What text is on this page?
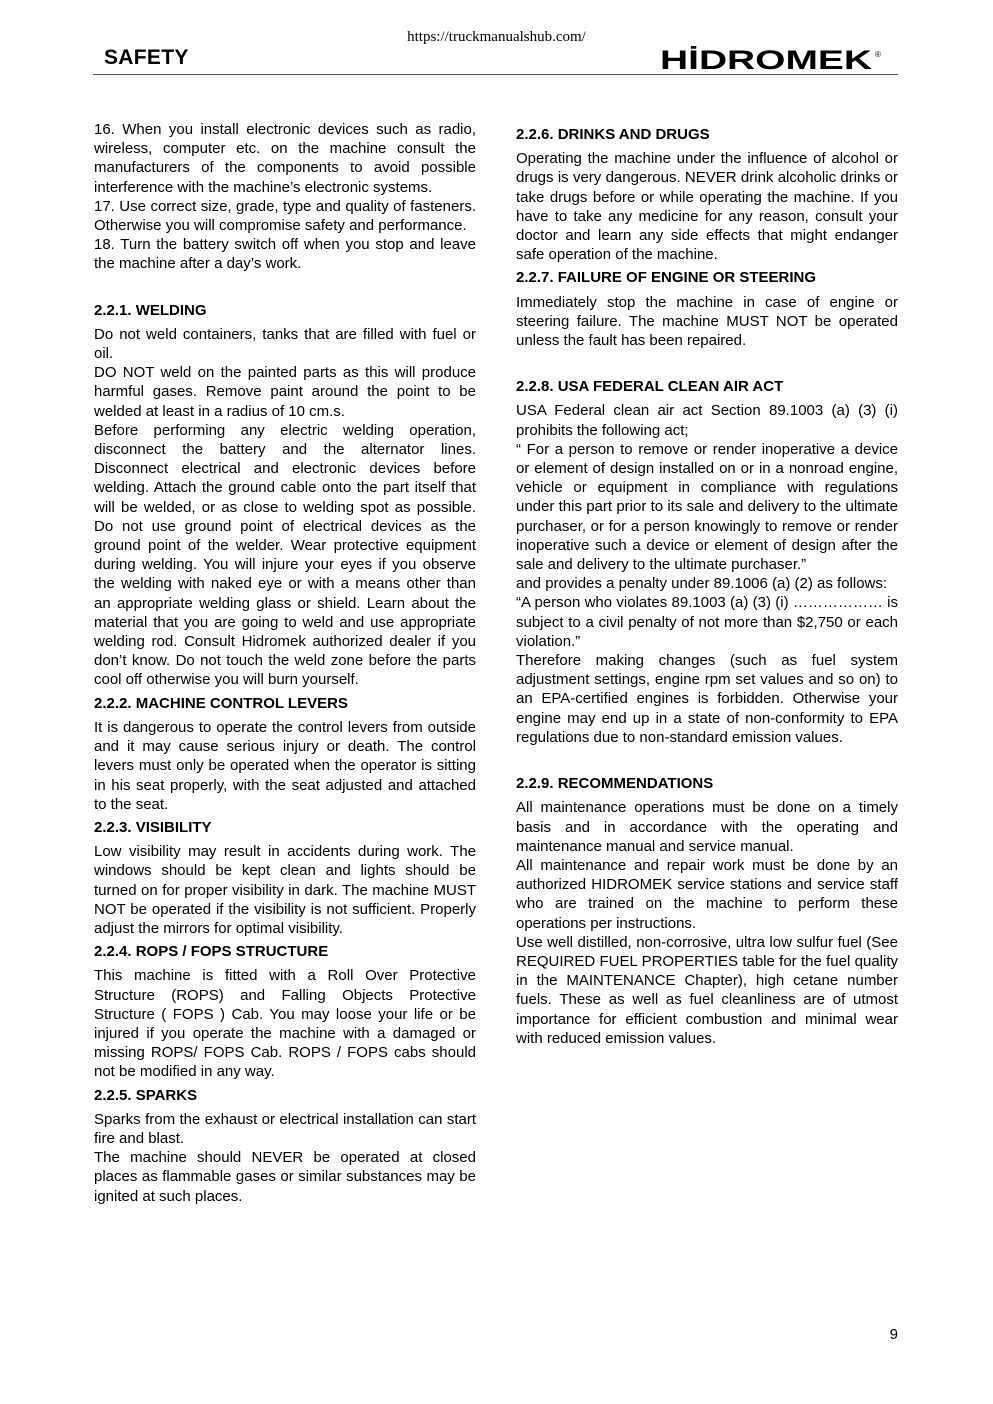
https://truckmanualshub.com/
SAFETY	HİDROMEK ®

16. When you install electronic devices such as radio, wireless, computer etc. on the machine consult the manufacturers of the components to avoid possible interference with the machine’s electronic systems.

17. Use correct size, grade, type and quality of fasteners. Otherwise you will compromise safety and performance.

18. Turn the battery switch off when you stop and leave the machine after a day’s work.

2.2.1. WELDING

Do not weld containers, tanks that are filled with fuel or oil.

DO NOT weld on the painted parts as this will produce harmful gases. Remove paint around the point to be welded at least in a radius of 10 cm.s.

Before performing any electric welding operation, disconnect the battery and the alternator lines. Disconnect electrical and electronic devices before welding. Attach the ground cable onto the part itself that will be welded, or as close to welding spot as possible. Do not use ground point of electrical devices as the ground point of the welder. Wear protective equipment during welding. You will injure your eyes if you observe the welding with naked eye or with a means other than an appropriate welding glass or shield. Learn about the material that you are going to weld and use appropriate welding rod. Consult Hidromek authorized dealer if you don’t know. Do not touch the weld zone before the parts cool off otherwise you will burn yourself.

2.2.2. MACHINE CONTROL LEVERS

It is dangerous to operate the control levers from outside and it may cause serious injury or death. The control levers must only be operated when the operator is sitting in his seat properly, with the seat adjusted and attached to the seat.

2.2.3. VISIBILITY

Low visibility may result in accidents during work. The windows should be kept clean and lights should be turned on for proper visibility in dark. The machine MUST NOT be operated if the visibility is not sufficient. Properly adjust the mirrors for optimal visibility.

2.2.4. ROPS / FOPS STRUCTURE

This machine is fitted with a Roll Over Protective Structure (ROPS) and Falling Objects Protective Structure ( FOPS ) Cab. You may loose your life or be injured if you operate the machine with a damaged or missing ROPS/ FOPS Cab. ROPS / FOPS cabs should not be modified in any way.

2.2.5. SPARKS

Sparks from the exhaust or electrical installation can start fire and blast.

The machine should NEVER be operated at closed places as flammable gases or similar substances may be ignited at such places.

2.2.6. DRINKS AND DRUGS

Operating the machine under the influence of alcohol or drugs is very dangerous. NEVER drink alcoholic drinks or take drugs before or while operating the machine. If you have to take any medicine for any reason, consult your doctor and learn any side effects that might endanger safe operation of the machine.

2.2.7. FAILURE OF ENGINE OR STEERING

Immediately stop the machine in case of engine or steering failure. The machine MUST NOT be operated unless the fault has been repaired.

2.2.8. USA FEDERAL CLEAN AIR ACT

USA Federal clean air act Section 89.1003 (a) (3) (i) prohibits the following act;

“ For a person to remove or render inoperative a device or element of design installed on or in a nonroad engine, vehicle or equipment in compliance with regulations under this part prior to its sale and delivery to the ultimate purchaser, or for a person knowingly to remove or render inoperative such a device or element of design after the sale and delivery to the ultimate purchaser.”

and provides a penalty under 89.1006 (a) (2) as follows:

“A person who violates 89.1003 (a) (3) (i) ……………… is subject to a civil penalty of not more than $2,750 or each violation.”

Therefore making changes (such as fuel system adjustment settings, engine rpm set values and so on) to an EPA-certified engines is forbidden. Otherwise your engine may end up in a state of non-conformity to EPA regulations due to non-standard emission values.

2.2.9. RECOMMENDATIONS

All maintenance operations must be done on a timely basis and in accordance with the operating and maintenance manual and service manual.

All maintenance and repair work must be done by an authorized HIDROMEK service stations and service staff who are trained on the machine to perform these operations per instructions.

Use well distilled, non-corrosive, ultra low sulfur fuel (See REQUIRED FUEL PROPERTIES table for the fuel quality in the MAINTENANCE Chapter), high cetane number fuels. These as well as fuel cleanliness are of utmost importance for efficient combustion and minimal wear with reduced emission values.

9
